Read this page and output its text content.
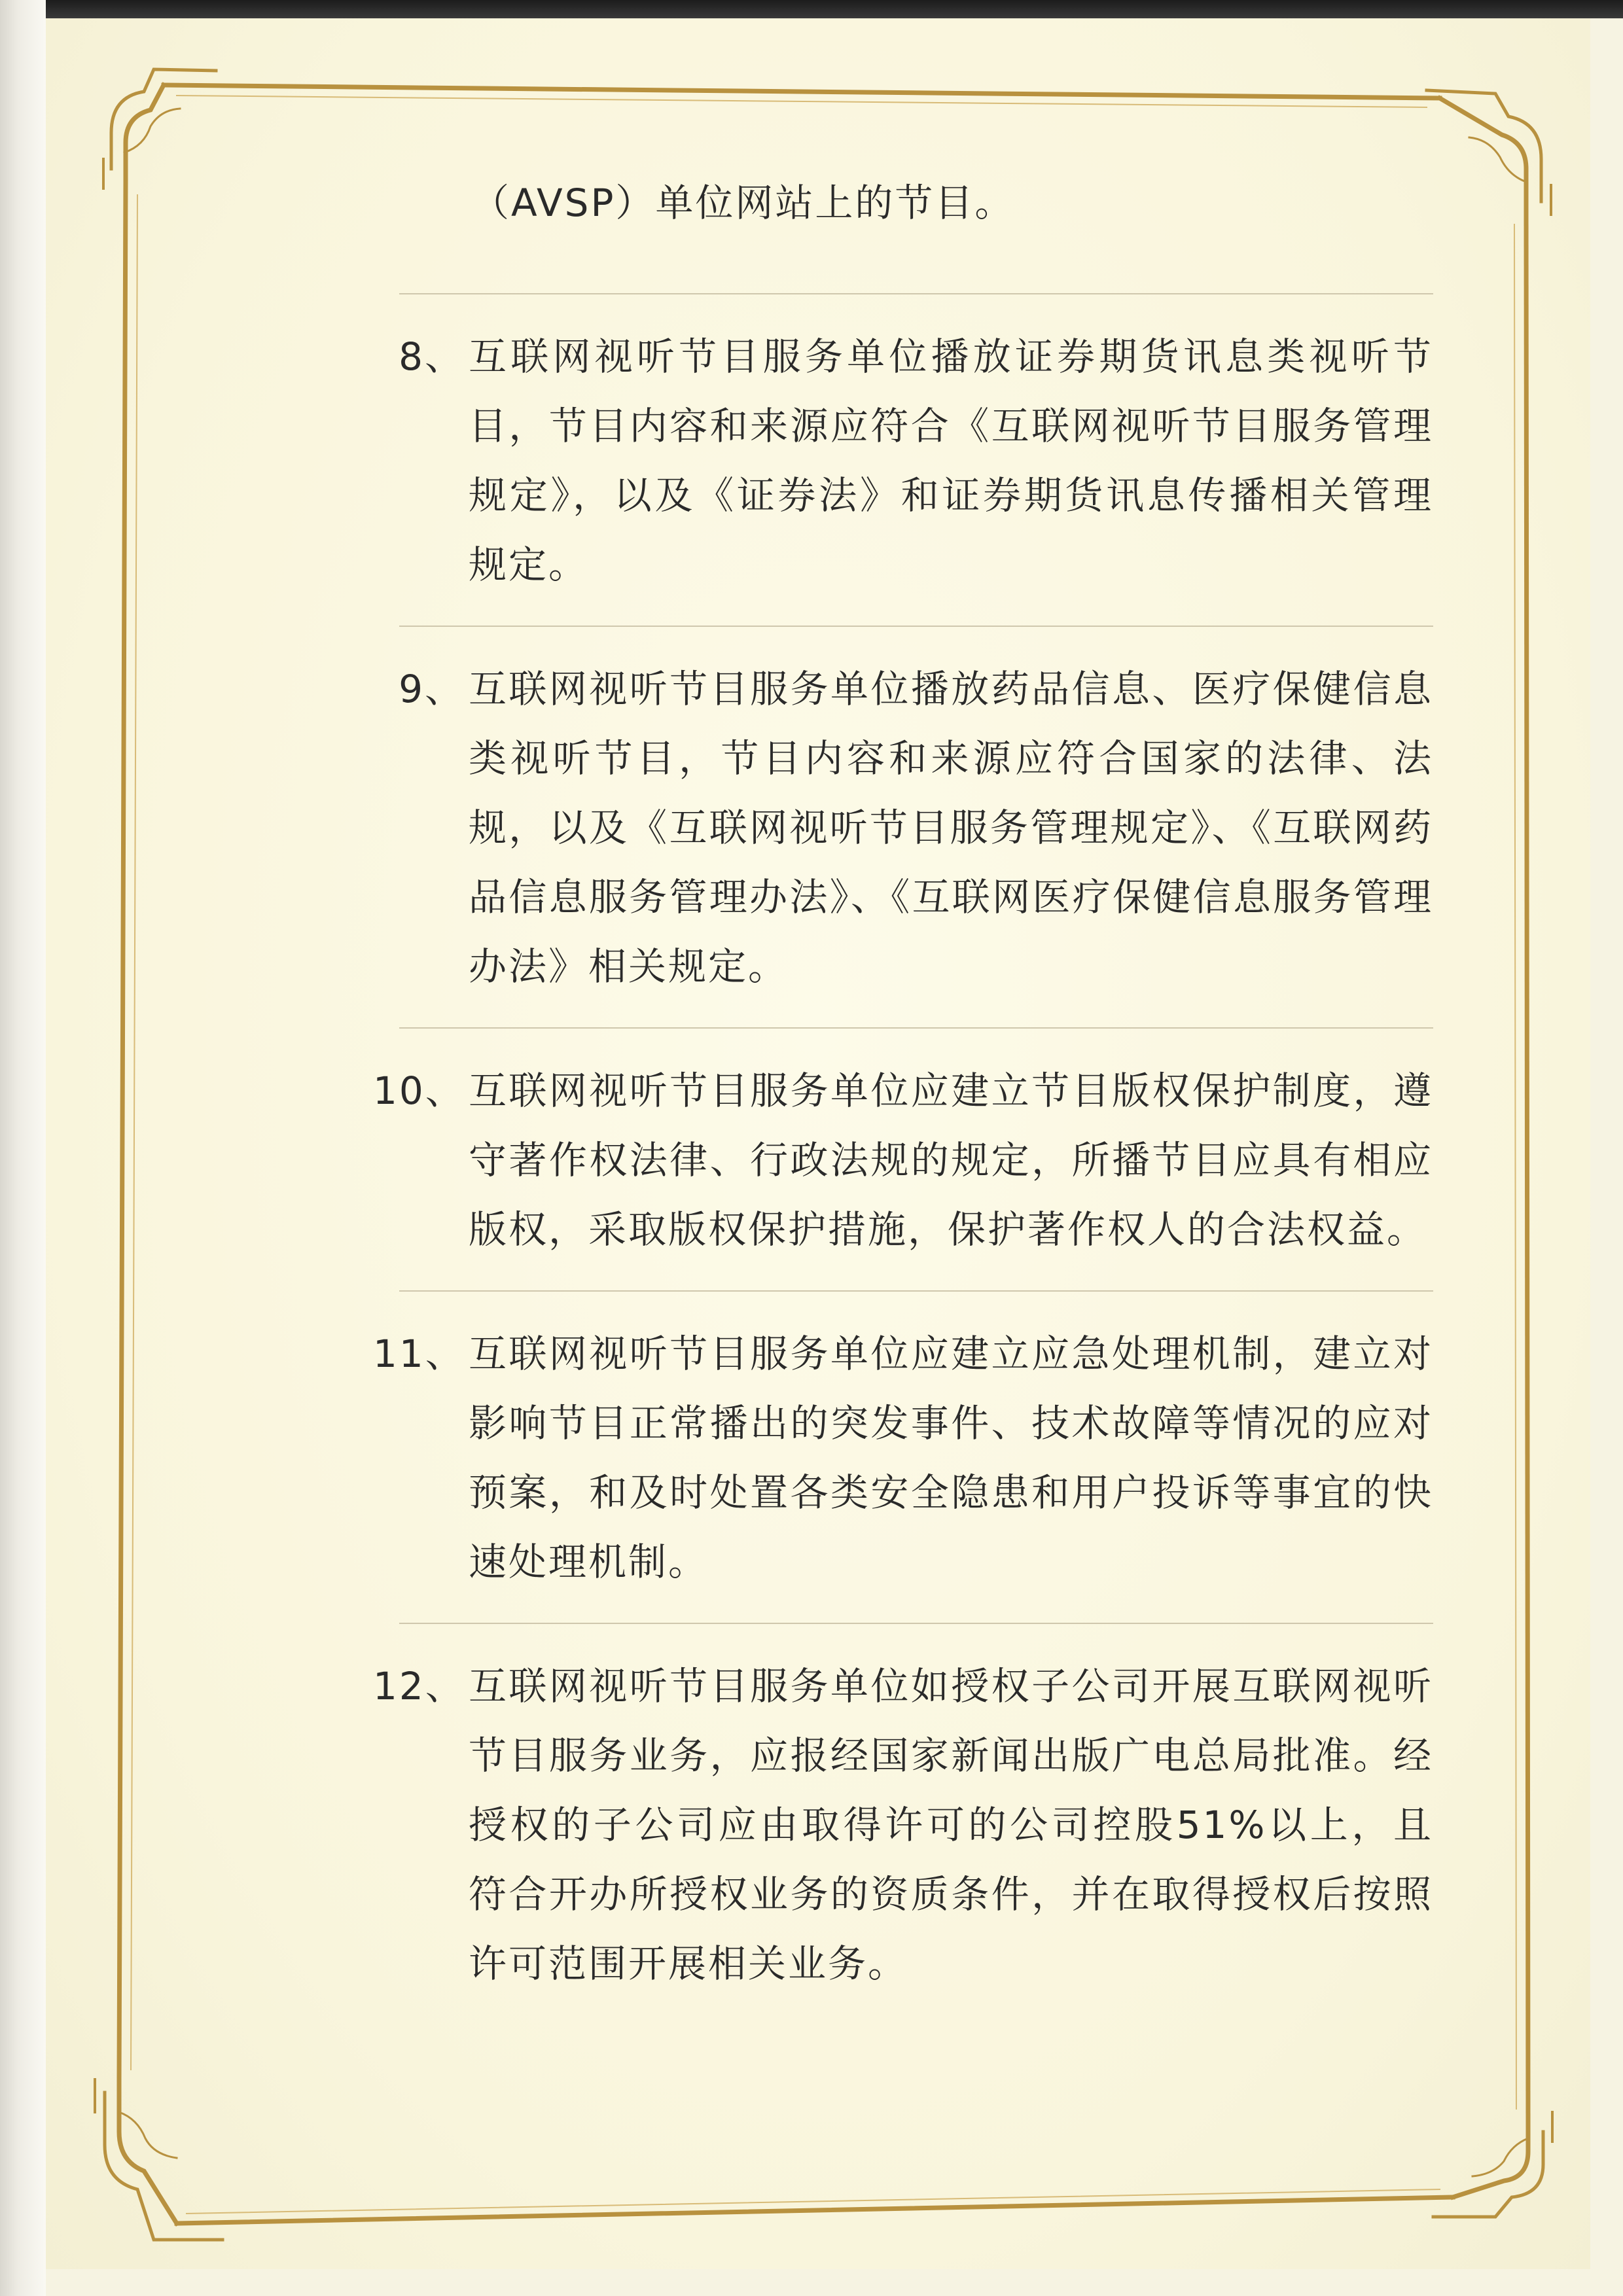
（AVSP）单位网站上的节目。
8、 互联网视听节目服务单位播放证券期货讯息类视听节目，节目内容和来源应符合《互联网视听节目服务管理规定》，以及《证券法》和证券期货讯息传播相关管理规定。
9、 互联网视听节目服务单位播放药品信息、医疗保健信息类视听节目，节目内容和来源应符合国家的法律、法规，以及《互联网视听节目服务管理规定》、《互联网药品信息服务管理办法》、《互联网医疗保健信息服务管理办法》相关规定。
10、 互联网视听节目服务单位应建立节目版权保护制度，遵守著作权法律、行政法规的规定，所播节目应具有相应版权，采取版权保护措施，保护著作权人的合法权益。
11、 互联网视听节目服务单位应建立应急处理机制，建立对影响节目正常播出的突发事件、技术故障等情况的应对预案，和及时处置各类安全隐患和用户投诉等事宜的快速处理机制。
12、 互联网视听节目服务单位如授权子公司开展互联网视听节目服务业务，应报经国家新闻出版广电总局批准。经授权的子公司应由取得许可的公司控股51%以上，且符合开办所授权业务的资质条件，并在取得授权后按照许可范围开展相关业务。
